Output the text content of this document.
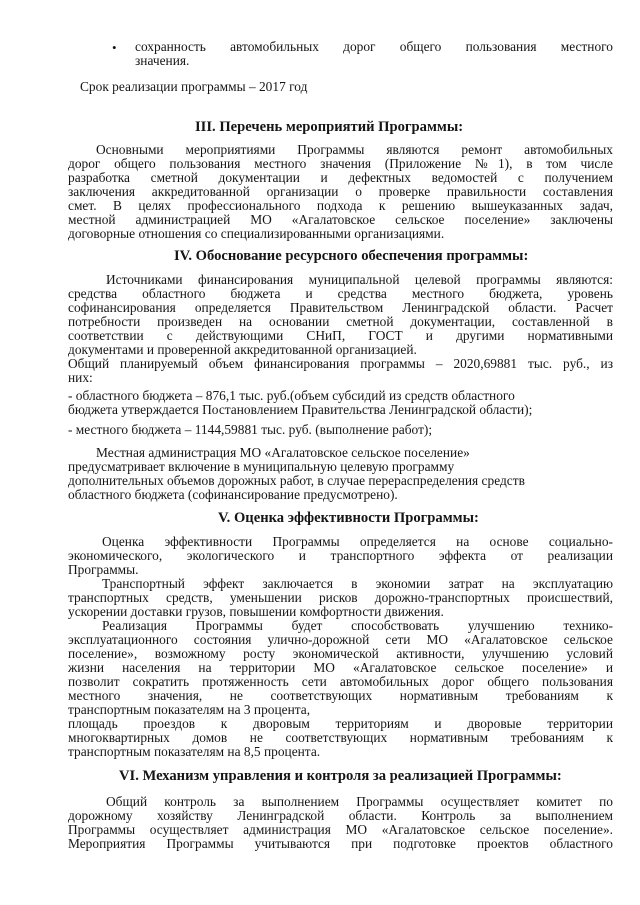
• сохранность автомобильных дорог общего пользования местного
значения.
Срок реализации программы – 2017 год
III. Перечень мероприятий Программы:
Основными мероприятиями Программы являются ремонт автомобильных
дорог общего пользования местного значения (Приложение №1), в том числе
разработка сметной документации и дефектных ведомостей с получением
заключения аккредитованной организации о проверке правильности составления
смет. В целях профессионального подхода к решению вышеуказанных задач,
местной администрацией МО «Агалатовское сельское поселение» заключены
договорные отношения со специализированными организациями.
IV. Обоснование ресурсного обеспечения программы:
Источниками финансирования муниципальной целевой программы являются:
средства областного бюджета и средства местного бюджета, уровень
софинансирования определяется Правительством Ленинградской области. Расчет
потребности произведен на основании сметной документации, составленной в
соответствии с действующими СНиП, ГОСТ и другими нормативными
документами и проверенной аккредитованной организацией.
Общий планируемый объем финансирования программы – 2020,69881 тыс. руб., из
них:
- областного бюджета – 876,1 тыс. руб.(объем субсидий из средств областного
бюджета утверждается Постановлением Правительства Ленинградской области);
- местного бюджета – 1144,59881 тыс. руб. (выполнение работ);
Местная администрация МО «Агалатовское сельское поселение»
предусматривает включение в муниципальную целевую программу
дополнительных объемов дорожных работ, в случае перераспределения средств
областного бюджета (софинансирование предусмотрено).
V. Оценка эффективности Программы:
Оценка эффективности Программы определяется на основе социально-
экономического, экологического и транспортного эффекта от реализации
Программы.
Транспортный эффект заключается в экономии затрат на эксплуатацию
транспортных средств, уменьшении рисков дорожно-транспортных происшествий,
ускорении доставки грузов, повышении комфортности движения.
Реализация Программы будет способствовать улучшению технико-
эксплуатационного состояния улично-дорожной сети МО «Агалатовское сельское
поселение», возможному росту экономической активности, улучшению условий
жизни населения на территории МО «Агалатовское сельское поселение» и
позволит сократить протяженность сети автомобильных дорог общего пользования
местного значения, не соответствующих нормативным требованиям к
транспортным показателям на 3 процента,
площадь проездов к дворовым территориям и дворовые территории
многоквартирных домов не соответствующих нормативным требованиям к
транспортным показателям на 8,5 процента.
VI. Механизм управления и контроля за реализацией Программы:
Общий контроль за выполнением Программы осуществляет комитет по
дорожному хозяйству Ленинградской области. Контроль за выполнением
Программы осуществляет администрация МО «Агалатовское сельское поселение».
Мероприятия Программы учитываются при подготовке проектов областного
